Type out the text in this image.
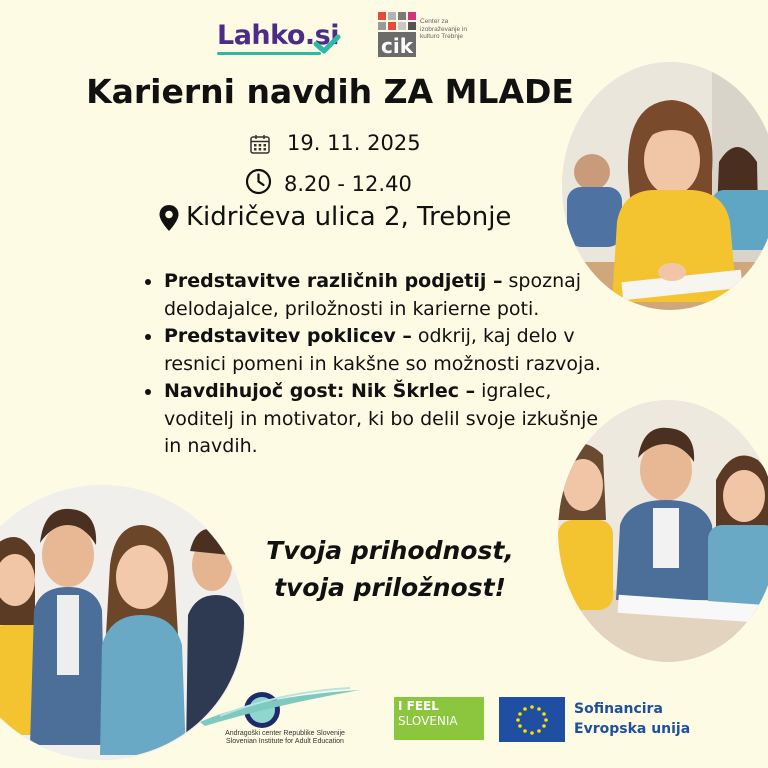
Lahko.si cik
Center za izobraževanje in kulturo Trebnje
Karierni navdih ZA MLADE
19. 11. 2025
8.20 - 12.40
Kidričeva ulica 2, Trebnje
Predstavitve različnih podjetij – spoznaj delodajalce, priložnosti in karierne poti.
Predstavitev poklicev – odkrij, kaj delo v resnici pomeni in kakšne so možnosti razvoja.
Navdihujoč gost: Nik Škrlec – igralec, voditelj in motivator, ki bo delil svoje izkušnje in navdih.
Tvoja prihodnost,
tvoja priložnost!
Andragoški center Republike Slovenije
Slovenian Institute for Adult Education
I FEEL
SLOVENIA
Sofinancira
Evropska unija
